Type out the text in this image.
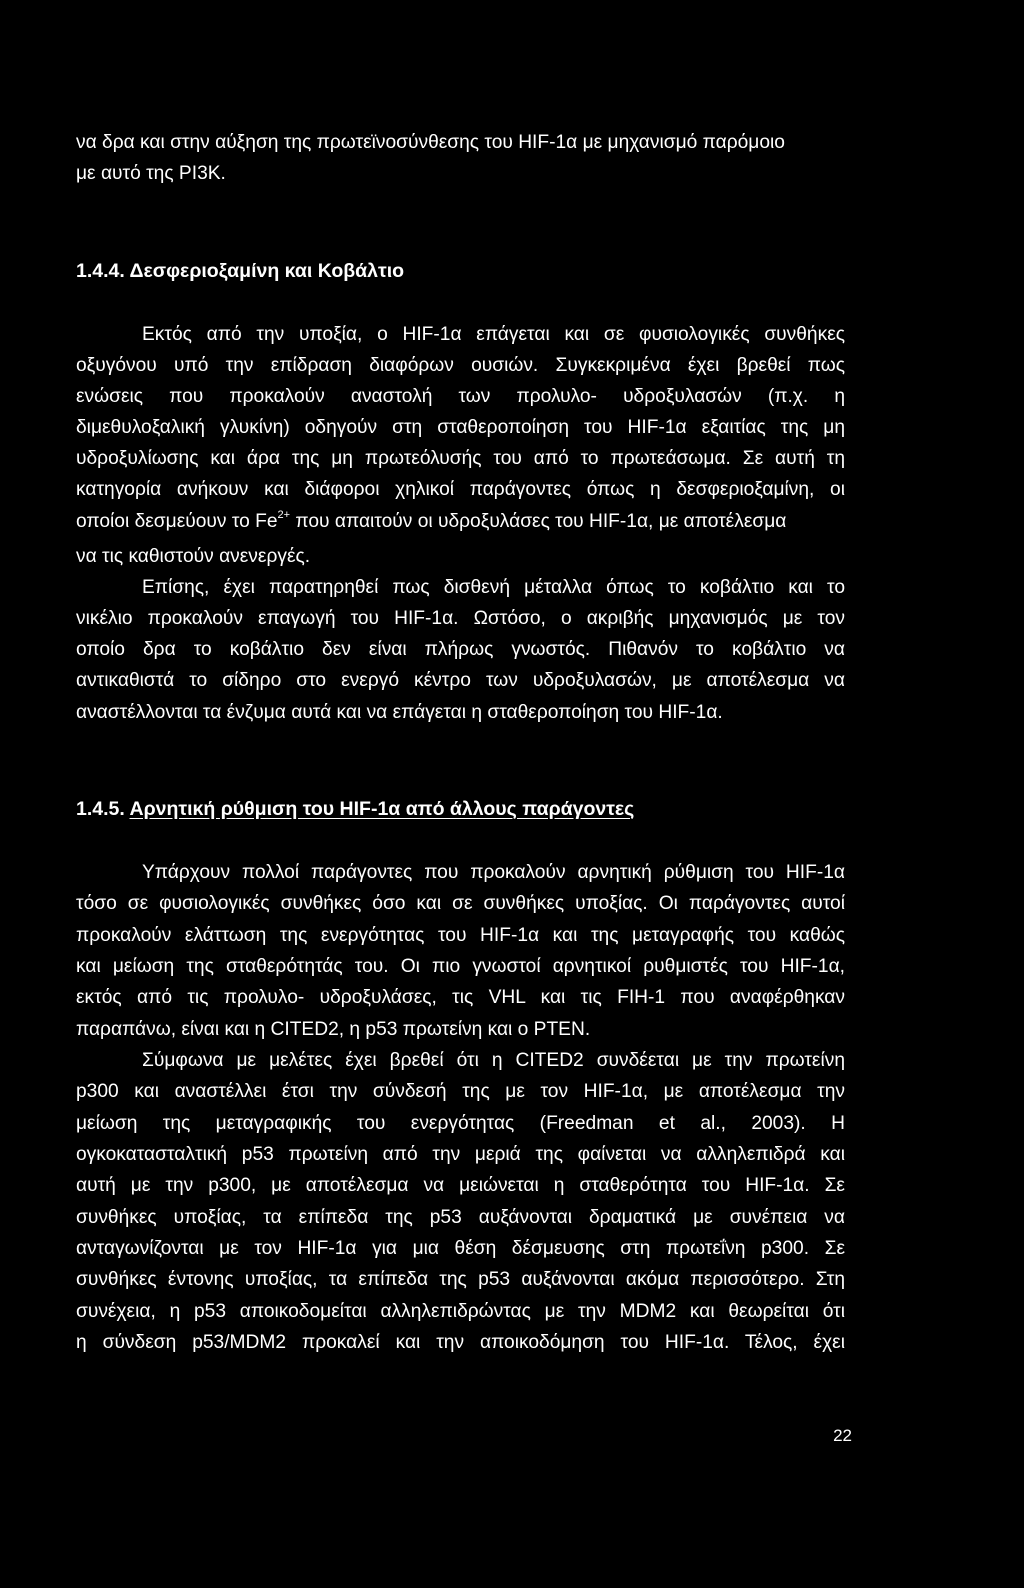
να δρα και στην αύξηση της πρωτεϊνοσύνθεσης του HIF-1α με μηχανισμό παρόμοιο
με αυτό της PI3K.
1.4.4. Δεσφεριοξαμίνη και Κοβάλτιο
Εκτός από την υποξία, ο HIF-1α επάγεται και σε φυσιολογικές συνθήκες
οξυγόνου υπό την επίδραση διαφόρων ουσιών. Συγκεκριμένα έχει βρεθεί πως
ενώσεις που προκαλούν αναστολή των προλυλο- υδροξυλασών (π.χ. η
διμεθυλοξαλική γλυκίνη) οδηγούν στη σταθεροποίηση του HIF-1α εξαιτίας της μη
υδροξυλίωσης και άρα της μη πρωτεόλυσής του από το πρωτεάσωμα. Σε αυτή τη
κατηγορία ανήκουν και διάφοροι χηλικοί παράγοντες όπως η δεσφεριοξαμίνη, οι
οποίοι δεσμεύουν το $Fe^{2+}$ που απαιτούν οι υδροξυλάσες του HIF-1α, με αποτέλεσμα
να τις καθιστούν ανενεργές.
Επίσης, έχει παρατηρηθεί πως δισθενή μέταλλα όπως το κοβάλτιο και το
νικέλιο προκαλούν επαγωγή του HIF-1α. Ωστόσο, ο ακριβής μηχανισμός με τον
οποίο δρα το κοβάλτιο δεν είναι πλήρως γνωστός. Πιθανόν το κοβάλτιο να
αντικαθιστά το σίδηρο στο ενεργό κέντρο των υδροξυλασών, με αποτέλεσμα να
αναστέλλονται τα ένζυμα αυτά και να επάγεται η σταθεροποίηση του HIF-1α.
1.4.5. Αρνητική ρύθμιση του HIF-1α από άλλους παράγοντες
Υπάρχουν πολλοί παράγοντες που προκαλούν αρνητική ρύθμιση του HIF-1α
τόσο σε φυσιολογικές συνθήκες όσο και σε συνθήκες υποξίας. Οι παράγοντες αυτοί
προκαλούν ελάττωση της ενεργότητας του HIF-1α και της μεταγραφής του καθώς
και μείωση της σταθερότητάς του. Οι πιο γνωστοί αρνητικοί ρυθμιστές του HIF-1α,
εκτός από τις προλυλο- υδροξυλάσες, τις VHL και τις FIH-1 που αναφέρθηκαν
παραπάνω, είναι και η CITED2, η p53 πρωτείνη και ο PTEN.
Σύμφωνα με μελέτες έχει βρεθεί ότι η CITED2 συνδέεται με την πρωτείνη
p300 και αναστέλλει έτσι την σύνδεσή της με τον HIF-1α, με αποτέλεσμα την
μείωση της μεταγραφικής του ενεργότητας (Freedman et al., 2003). Η
ογκοκατασταλτική p53 πρωτείνη από την μεριά της φαίνεται να αλληλεπιδρά και
αυτή με την p300, με αποτέλεσμα να μειώνεται η σταθερότητα του HIF-1α. Σε
συνθήκες υποξίας, τα επίπεδα της p53 αυξάνονται δραματικά με συνέπεια να
ανταγωνίζονται με τον HIF-1α για μια θέση δέσμευσης στη πρωτεΐνη p300. Σε
συνθήκες έντονης υποξίας, τα επίπεδα της p53 αυξάνονται ακόμα περισσότερο. Στη
συνέχεια, η p53 αποικοδομείται αλληλεπιδρώντας με την MDM2 και θεωρείται ότι
η σύνδεση p53/MDM2 προκαλεί και την αποικοδόμηση του HIF-1α. Τέλος, έχει
22
